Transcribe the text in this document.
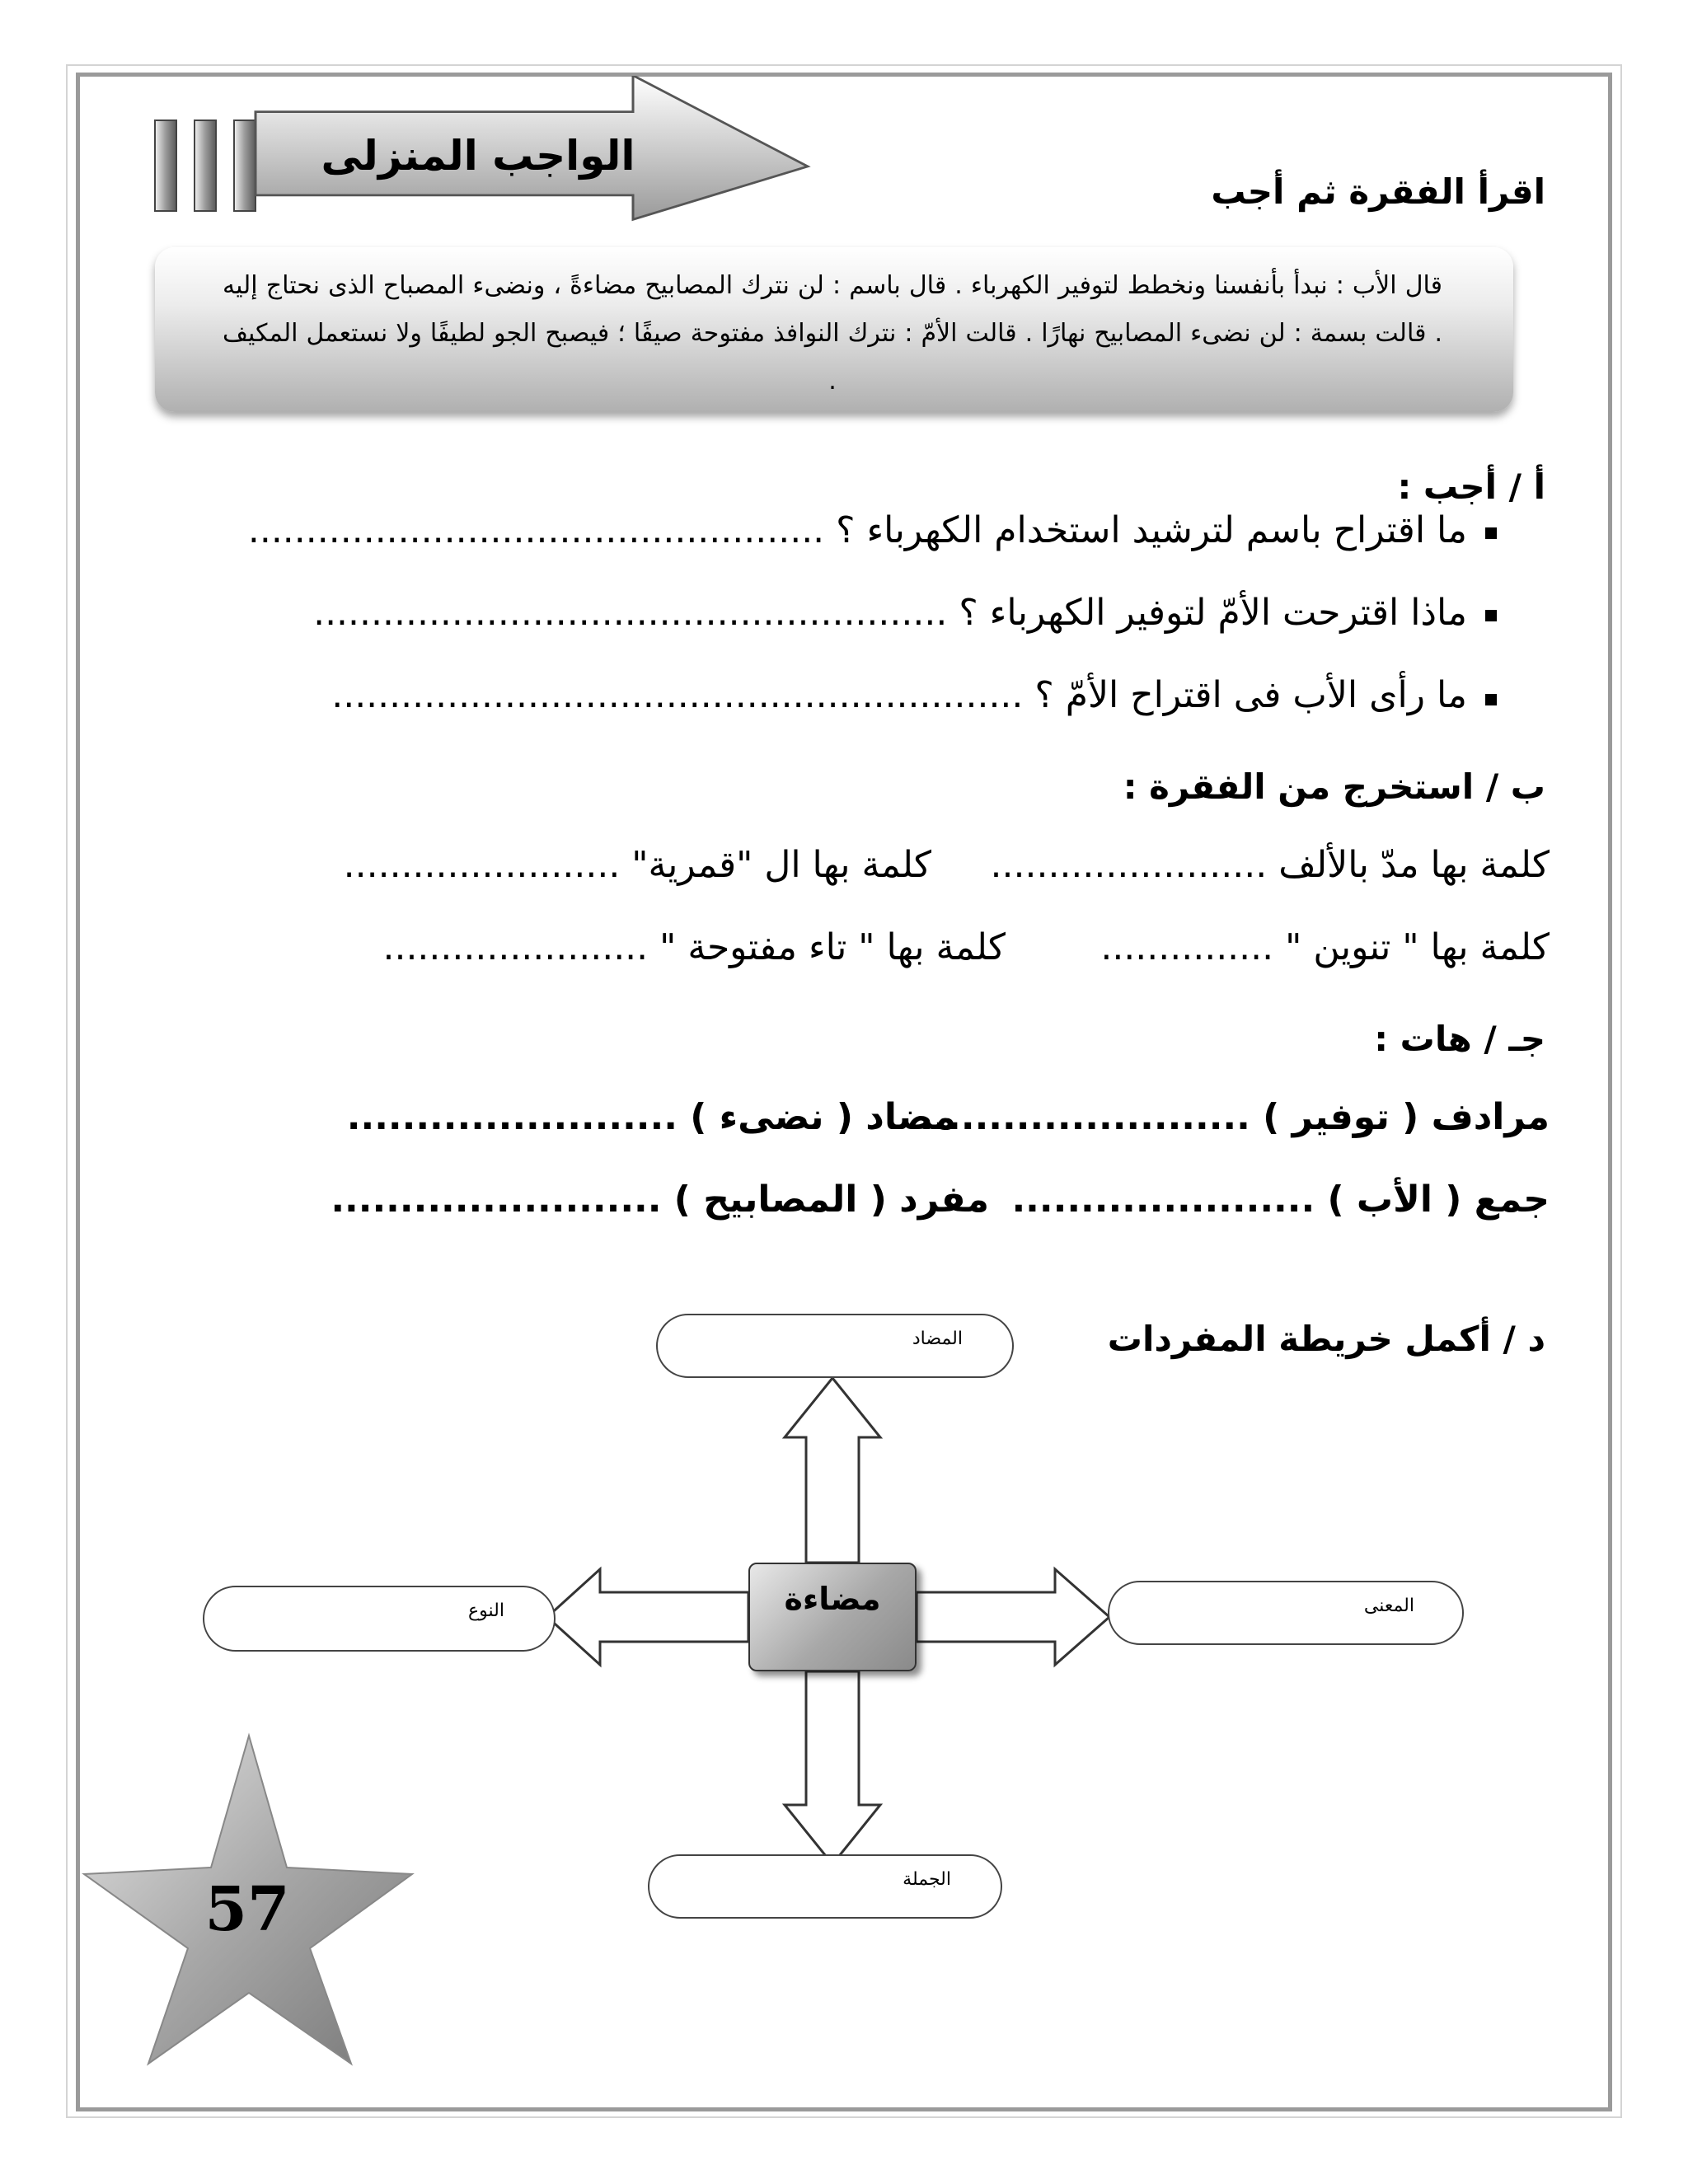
الواجب المنزلى
اقرأ الفقرة ثم أجب
قال الأب : نبدأ بأنفسنا ونخطط لتوفير الكهرباء . قال باسم : لن نترك المصابيح مضاءةً ، ونضىء المصباح الذى نحتاج إليه . قالت بسمة : لن نضىء المصابيح نهارًا . قالت الأمّ : نترك النوافذ مفتوحة صيفًا ؛ فيصبح الجو لطيفًا ولا نستعمل المكيف .
أ / أجب :
ما اقتراح باسم لترشيد استخدام الكهرباء ؟ ..................................................
ماذا اقترحت الأمّ لتوفير الكهرباء ؟ .......................................................
ما رأى الأب فى اقتراح الأمّ ؟ ............................................................
ب / استخرج من الفقرة :
كلمة بها مدّ بالألف ........................
كلمة بها ال "قمرية" ........................
كلمة بها " تنوين " ...............
كلمة بها " تاء مفتوحة " .......................
جـ / هات :
مرادف ( توفير ) ........................
مضاد ( نضىء ) ........................
جمع ( الأب ) ......................
مفرد ( المصابيح ) ........................
د / أكمل خريطة المفردات
مضاءة
المضاد
المعنى
النوع
الجملة
57
